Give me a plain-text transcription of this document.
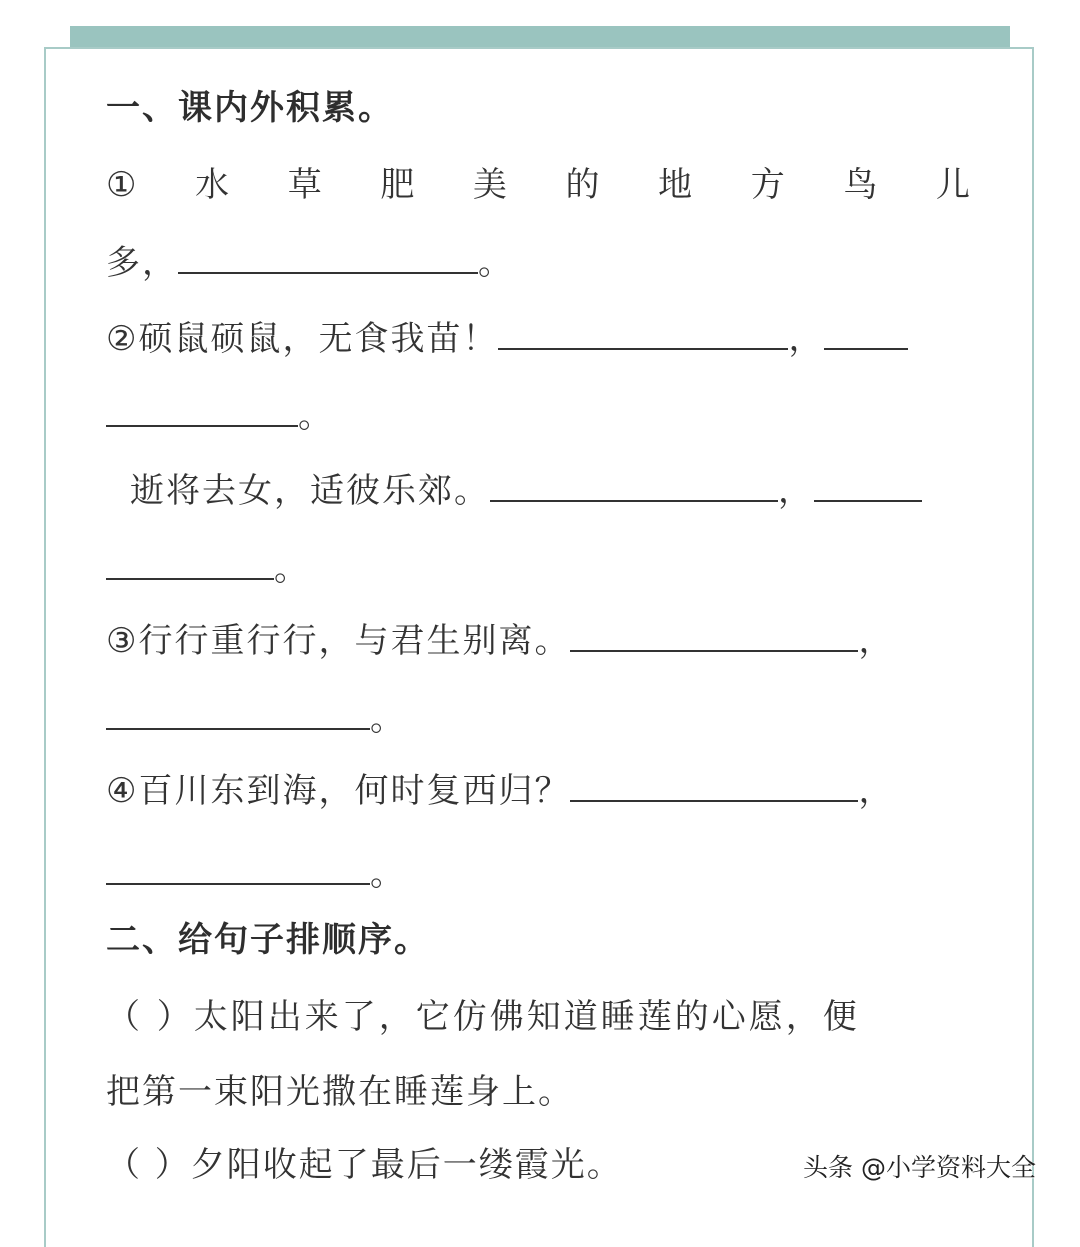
一、课内外积累。
① 水 草 肥 美 的 地 方 鸟 儿
多，	。
②硕鼠硕鼠，无食我苗！	，
。
逝将去女，适彼乐郊。	，
。
③行行重行行，与君生别离。	，
。
④百川东到海，何时复西归？	，
。
二、给句子排顺序。
（ ）太阳出来了，它仿佛知道睡莲的心愿，便
把第一束阳光撒在睡莲身上。
（ ）夕阳收起了最后一缕霞光。	头条 @小学资料大全
